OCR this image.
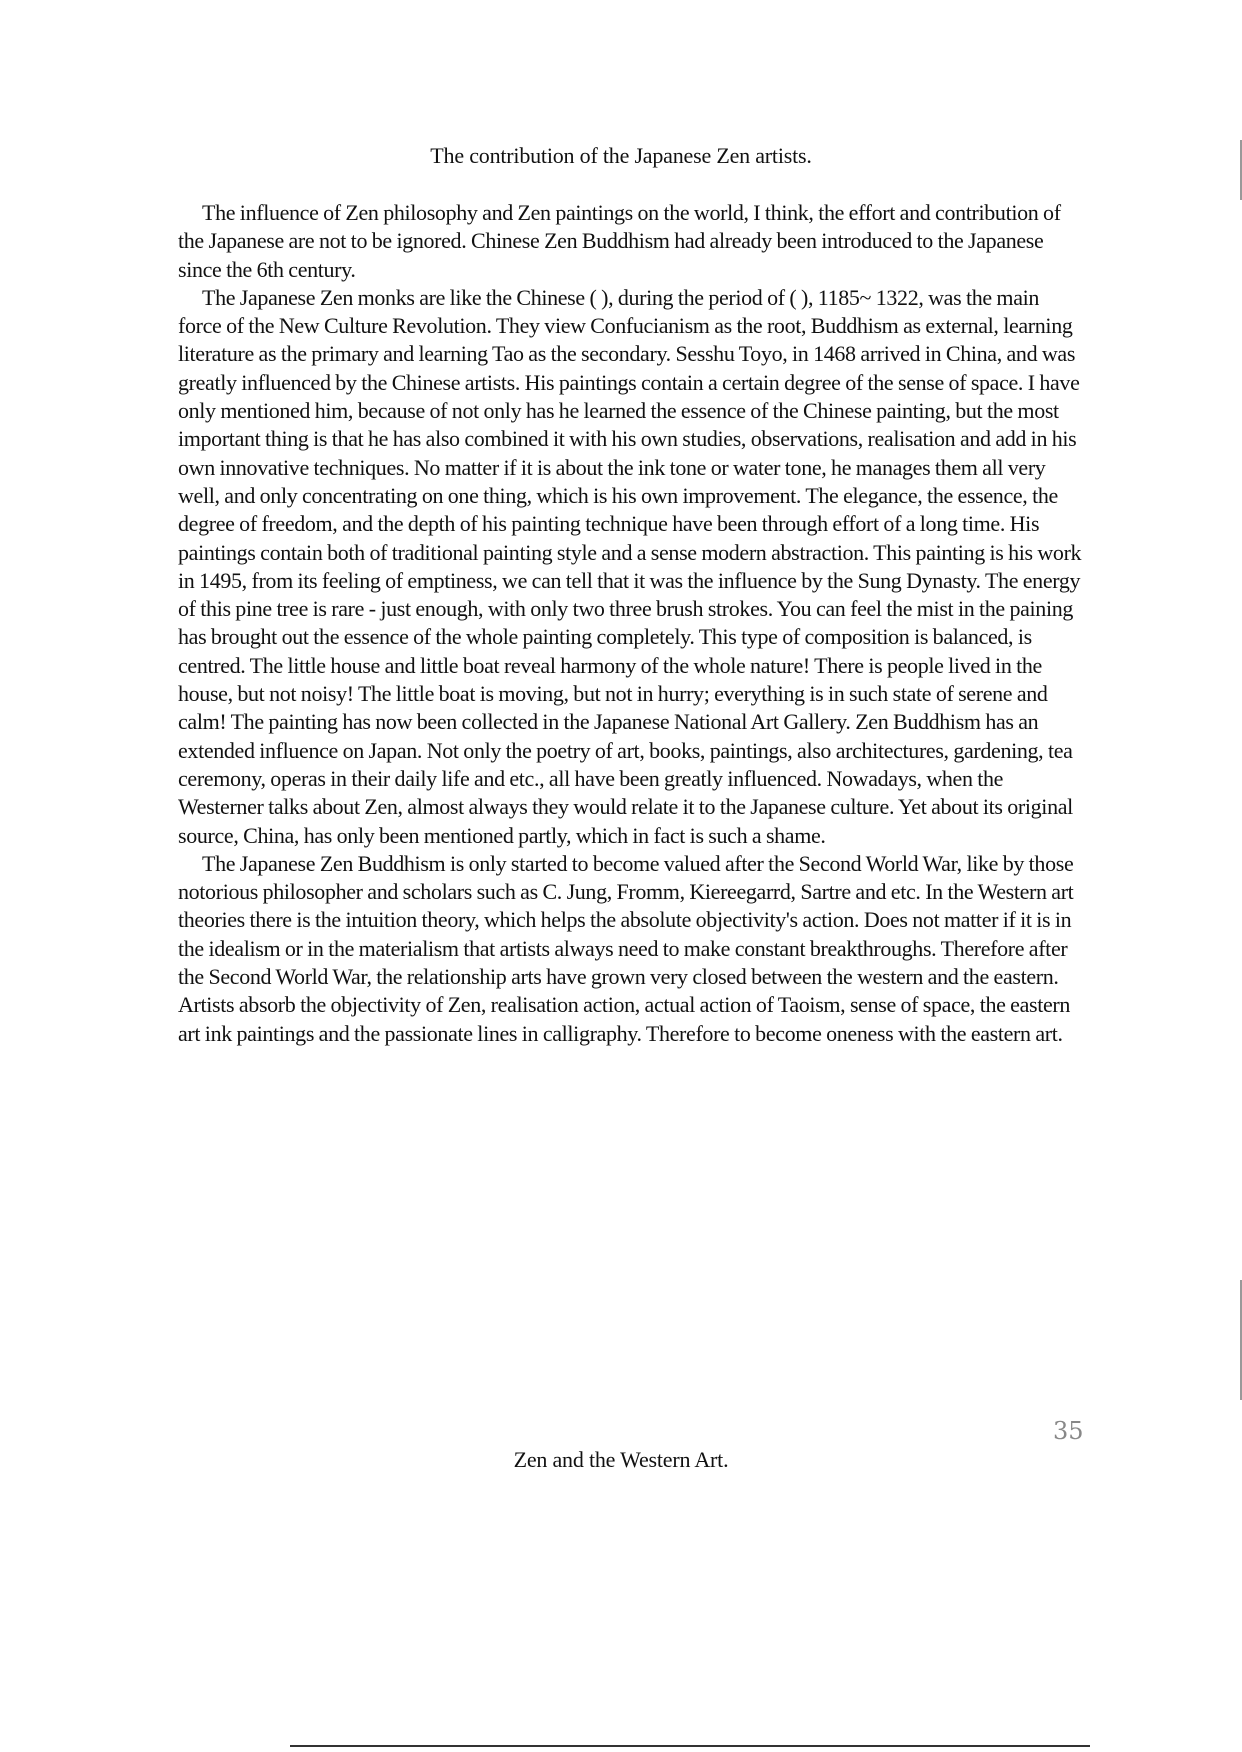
The contribution of the Japanese Zen artists.

The influence of Zen philosophy and Zen paintings on the world, I think, the effort and contribution of the Japanese are not to be ignored. Chinese Zen Buddhism had already been introduced to the Japanese since the 6th century.

The Japanese Zen monks are like the Chinese ( ), during the period of ( ), 1185~ 1322, was the main force of the New Culture Revolution. They view Confucianism as the root, Buddhism as external, learning literature as the primary and learning Tao as the secondary. Sesshu Toyo, in 1468 arrived in China, and was greatly influenced by the Chinese artists. His paintings contain a certain degree of the sense of space. I have only mentioned him, because of not only has he learned the essence of the Chinese painting, but the most important thing is that he has also combined it with his own studies, observations, realisation and add in his own innovative techniques. No matter if it is about the ink tone or water tone, he manages them all very well, and only concentrating on one thing, which is his own improvement. The elegance, the essence, the degree of freedom, and the depth of his painting technique have been through effort of a long time. His paintings contain both of traditional painting style and a sense modern abstraction. This painting is his work in 1495, from its feeling of emptiness, we can tell that it was the influence by the Sung Dynasty. The energy of this pine tree is rare - just enough, with only two three brush strokes. You can feel the mist in the paining has brought out the essence of the whole painting completely. This type of composition is balanced, is centred. The little house and little boat reveal harmony of the whole nature! There is people lived in the house, but not noisy! The little boat is moving, but not in hurry; everything is in such state of serene and calm! The painting has now been collected in the Japanese National Art Gallery. Zen Buddhism has an extended influence on Japan. Not only the poetry of art, books, paintings, also architectures, gardening, tea ceremony, operas in their daily life and etc., all have been greatly influenced. Nowadays, when the Westerner talks about Zen, almost always they would relate it to the Japanese culture. Yet about its original source, China, has only been mentioned partly, which in fact is such a shame.

The Japanese Zen Buddhism is only started to become valued after the Second World War, like by those notorious philosopher and scholars such as C. Jung, Fromm, Kiereegarrd, Sartre and etc. In the Western art theories there is the intuition theory, which helps the absolute objectivity's action. Does not matter if it is in the idealism or in the materialism that artists always need to make constant breakthroughs. Therefore after the Second World War, the relationship arts have grown very closed between the western and the eastern. Artists absorb the objectivity of Zen, realisation action, actual action of Taoism, sense of space, the eastern art ink paintings and the passionate lines in calligraphy. Therefore to become oneness with the eastern art.

35
Zen and the Western Art.
